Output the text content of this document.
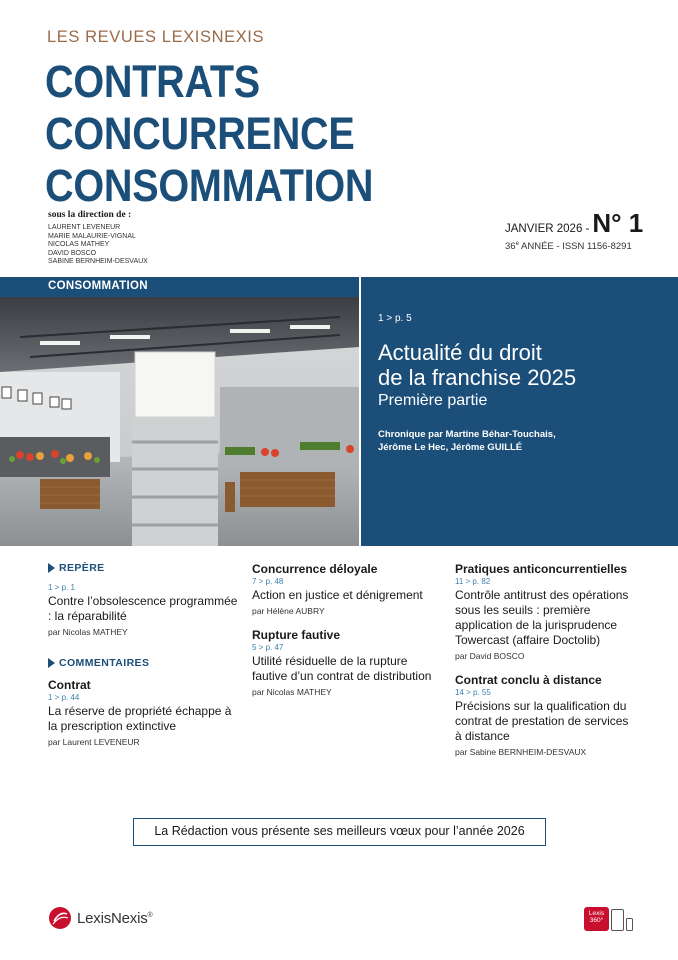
LES REVUES LEXISNEXIS
CONTRATS CONCURRENCE
CONSOMMATION
sous la direction de :
LAURENT LEVENEUR
MARIE MALAURIE-VIGNAL
NICOLAS MATHEY
DAVID BOSCO
SABINE BERNHEIM-DESVAUX
JANVIER 2026 - N° 1
36e ANNÉE - ISSN 1156-8291
CONSOMMATION
1 > p. 5
Actualité du droit
de la franchise 2025
Première partie
Chronique par Martine Béhar-Touchais,
Jérôme Le Hec, Jérôme GUILLÉ
REPÈRE
1 > p. 1
Contre l’obsolescence programmée : la réparabilité
par Nicolas MATHEY
COMMENTAIRES
Contrat
1 > p. 44
La réserve de propriété échappe à la prescription extinctive
par Laurent LEVENEUR
Concurrence déloyale
7 > p. 48
Action en justice et dénigrement
par Hélène AUBRY
Rupture fautive
5 > p. 47
Utilité résiduelle de la rupture fautive d’un contrat de distribution
par Nicolas MATHEY
Pratiques anticoncurrentielles
11 > p. 82
Contrôle antitrust des opérations sous les seuils : première application de la jurisprudence Towercast (affaire Doctolib)
par David BOSCO
Contrat conclu à distance
14 > p. 55
Précisions sur la qualification du contrat de prestation de services à distance
par Sabine BERNHEIM-DESVAUX
La Rédaction vous présente ses meilleurs vœux pour l’année 2026
LexisNexis®	Lexis
360°
